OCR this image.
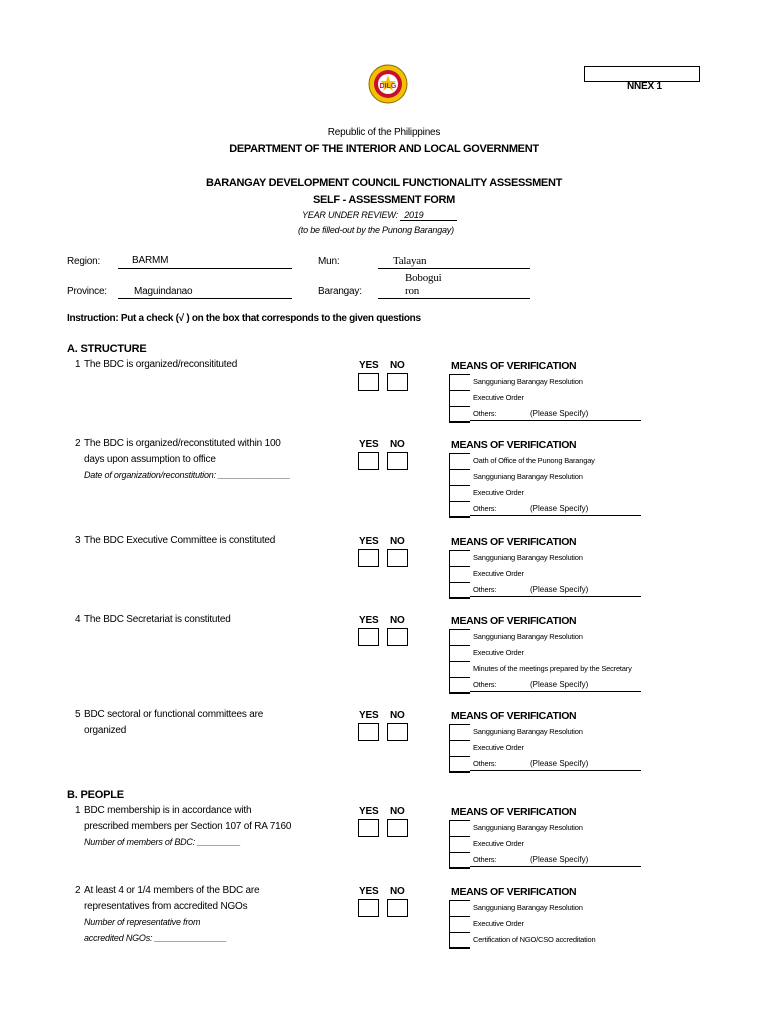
NNEX 1
DILG
Republic of the Philippines
DEPARTMENT OF THE INTERIOR AND LOCAL GOVERNMENT
BARANGAY DEVELOPMENT COUNCIL FUNCTIONALITY ASSESSMENT
SELF - ASSESSMENT FORM
YEAR UNDER REVIEW: 2019
(to be filled-out by the Punong Barangay)
Region:	BARMM	Mun:	Talayan
Province:	Maguindanao	Barangay:
Bobogui
ron
Instruction: Put a check (√ ) on the box that corresponds to the given questions
A. STRUCTURE
B. PEOPLE
1 The BDC is organized/reconsitituted	YES NO	MEANS OF VERIFICATION
Sangguniang Barangay Resolution
Executive Order
Others:	(Please Specify)
2 The BDC is organized/reconstituted within 100
days upon assumption to office
Date of organization/reconstitution: _______________
YES NO	MEANS OF VERIFICATION
Oath of Office of the Punong Barangay
Sangguniang Barangay Resolution
Executive Order
Others:	(Please Specify)
3 The BDC Executive Committee is constituted	YES NO	MEANS OF VERIFICATION
Sangguniang Barangay Resolution
Executive Order
Others:	(Please Specify)
4 The BDC Secretariat is constituted	YES NO	MEANS OF VERIFICATION
Sangguniang Barangay Resolution
Executive Order
Minutes of the meetings prepared by the Secretary
Others:	(Please Specify)
5 BDC sectoral or functional committees are
organized
YES NO	MEANS OF VERIFICATION
Sangguniang Barangay Resolution
Executive Order
Others:	(Please Specify)
1 BDC membership is in accordance with
prescribed members per Section 107 of RA 7160
Number of members of BDC: _________
YES NO	MEANS OF VERIFICATION
Sangguniang Barangay Resolution
Executive Order
Others:	(Please Specify)
2 At least 4 or 1/4 members of the BDC are
representatives from accredited NGOs
Number of representative from
accredited NGOs: _______________
YES NO	MEANS OF VERIFICATION
Sangguniang Barangay Resolution
Executive Order
Certification of NGO/CSO accreditation
